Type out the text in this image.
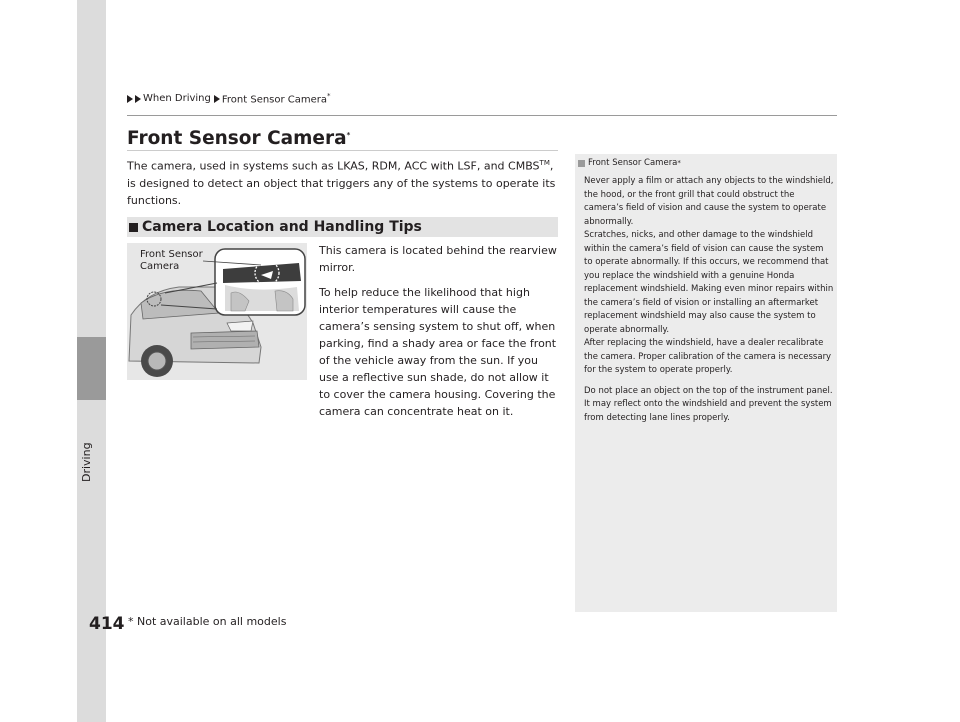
Driving
When Driving Front Sensor Camera*
Front Sensor Camera*

The camera, used in systems such as LKAS, RDM, ACC with LSF, and CMBS™, is designed to detect an object that triggers any of the systems to operate its functions.

Camera Location and Handling Tips
Front Sensor Camera

This camera is located behind the rearview mirror.

To help reduce the likelihood that high interior temperatures will cause the camera’s sensing system to shut off, when parking, find a shady area or face the front of the vehicle away from the sun. If you use a reflective sun shade, do not allow it to cover the camera housing. Covering the camera can concentrate heat on it.

Front Sensor Camera *

Never apply a film or attach any objects to the windshield, the hood, or the front grill that could obstruct the camera’s field of vision and cause the system to operate abnormally.

Scratches, nicks, and other damage to the windshield within the camera’s field of vision can cause the system to operate abnormally. If this occurs, we recommend that you replace the windshield with a genuine Honda replacement windshield. Making even minor repairs within the camera’s field of vision or installing an aftermarket replacement windshield may also cause the system to operate abnormally.

After replacing the windshield, have a dealer recalibrate the camera. Proper calibration of the camera is necessary for the system to operate properly.

Do not place an object on the top of the instrument panel. It may reflect onto the windshield and prevent the system from detecting lane lines properly.

414 * Not available on all models
